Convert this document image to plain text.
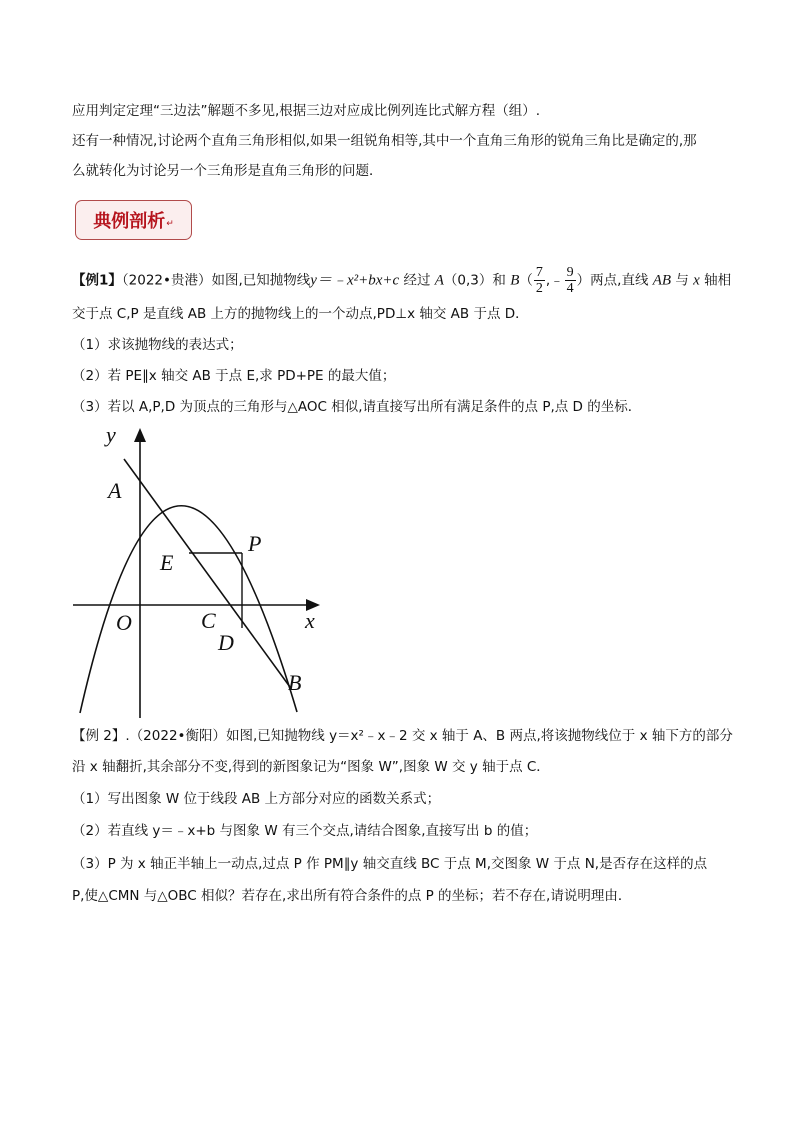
应用判定定理“三边法”解题不多见,根据三边对应成比例列连比式解方程（组）.
还有一种情况,讨论两个直角三角形相似,如果一组锐角相等,其中一个直角三角形的锐角三角比是确定的,那
么就转化为讨论另一个三角形是直角三角形的问题．
典例剖析 ↵
【例1】（2022•贵港）如图,已知抛物线y＝﹣x²+bx+c 经过 A（0,3）和 $B( \frac{7}{2}$ ,﹣ $\frac{9}{4}$ ）两点,直线 AB 与 x 轴相
交于点 C,P 是直线 AB 上方的抛物线上的一个动点,PD⊥x 轴交 AB 于点 D．
（1）求该抛物线的表达式；
（2）若 PE∥x 轴交 AB 于点 E,求 PD+PE 的最大值；
（3）若以 A,P,D 为顶点的三角形与△AOC 相似,请直接写出所有满足条件的点 P,点 D 的坐标．
y
A
E
P
O	C	x
D
B
【例 2】.（2022•衡阳）如图,已知抛物线 y＝x²﹣x﹣2 交 x 轴于 A、B 两点,将该抛物线位于 x 轴下方的部分
沿 x 轴翻折,其余部分不变,得到的新图象记为“图象 W”,图象 W 交 y 轴于点 C．
（1）写出图象 W 位于线段 AB 上方部分对应的函数关系式；
（2）若直线 y＝﹣x+b 与图象 W 有三个交点,请结合图象,直接写出 b 的值；
（3）P 为 x 轴正半轴上一动点,过点 P 作 PM∥y 轴交直线 BC 于点 M,交图象 W 于点 N,是否存在这样的点
P,使△CMN 与△OBC 相似？若存在,求出所有符合条件的点 P 的坐标；若不存在,请说明理由．
